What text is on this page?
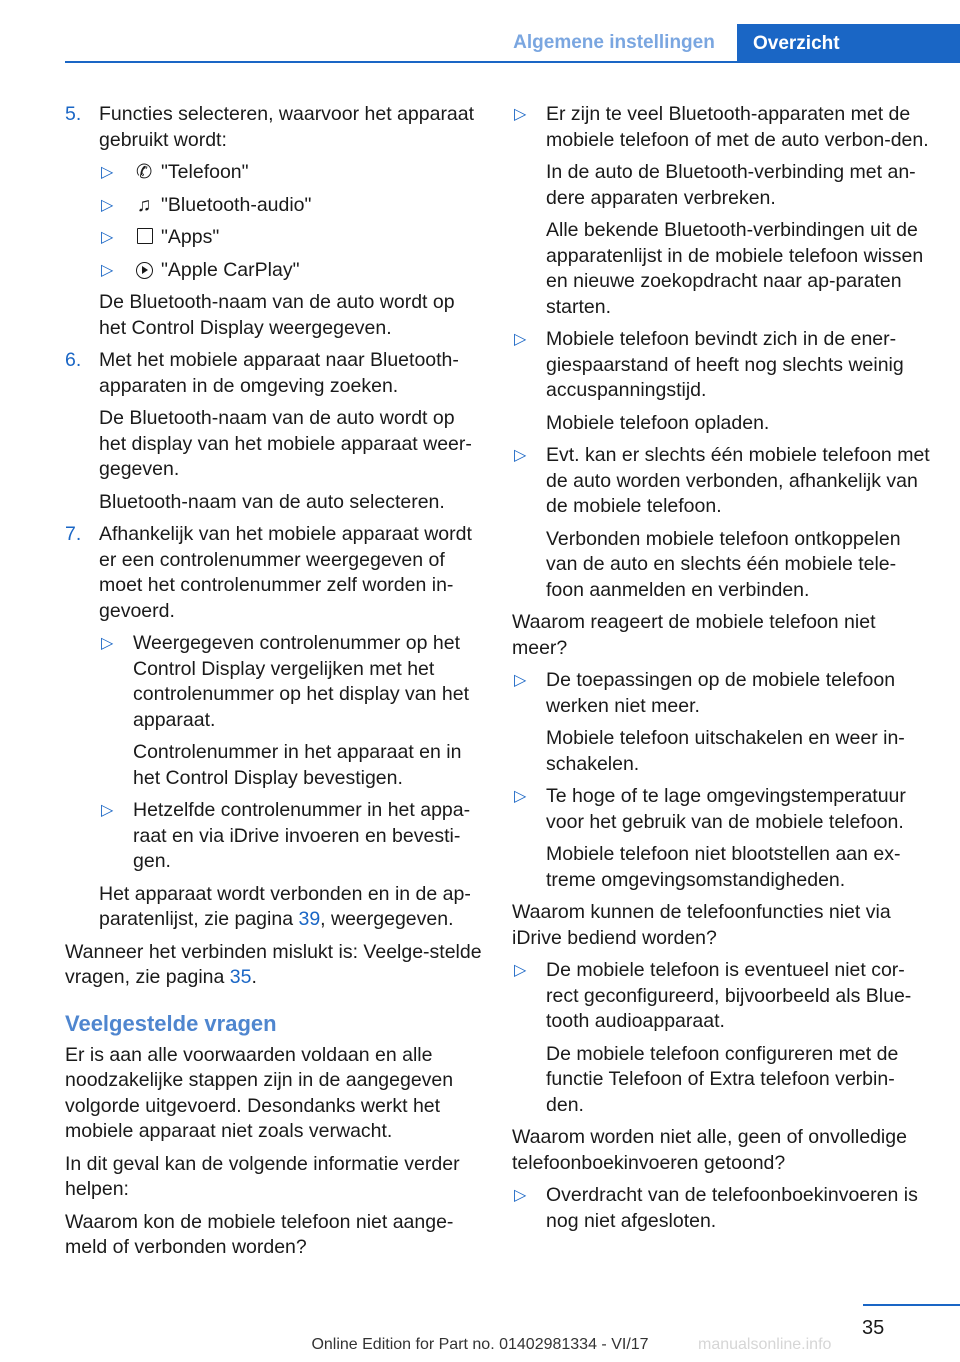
Algemene instellingen	Overzicht
5. Functies selecteren, waarvoor het apparaat gebruikt wordt:
▷ ✆ "Telefoon"
▷ ♫ "Bluetooth-audio"
▷ "Apps"
▷ "Apple CarPlay"
De Bluetooth-naam van de auto wordt op het Control Display weergegeven.
6. Met het mobiele apparaat naar Bluetooth-apparaten in de omgeving zoeken.
De Bluetooth-naam van de auto wordt op het display van het mobiele apparaat weer-gegeven.
Bluetooth-naam van de auto selecteren.
7. Afhankelijk van het mobiele apparaat wordt er een controlenummer weergegeven of moet het controlenummer zelf worden in-gevoerd.
▷ Weergegeven controlenummer op het Control Display vergelijken met het controlenummer op het display van het apparaat.
Controlenummer in het apparaat en in het Control Display bevestigen.
▷ Hetzelfde controlenummer in het appa-raat en via iDrive invoeren en bevesti-gen.
Het apparaat wordt verbonden en in de ap-paratenlijst, zie pagina 39, weergegeven.
Wanneer het verbinden mislukt is: Veelge-stelde vragen, zie pagina 35.
Veelgestelde vragen
Er is aan alle voorwaarden voldaan en alle noodzakelijke stappen zijn in de aangegeven volgorde uitgevoerd. Desondanks werkt het mobiele apparaat niet zoals verwacht.
In dit geval kan de volgende informatie verder helpen:
Waarom kon de mobiele telefoon niet aange-meld of verbonden worden?
▷ Er zijn te veel Bluetooth-apparaten met de mobiele telefoon of met de auto verbon-den.
In de auto de Bluetooth-verbinding met an-dere apparaten verbreken.
Alle bekende Bluetooth-verbindingen uit de apparatenlijst in de mobiele telefoon wissen en nieuwe zoekopdracht naar ap-paraten starten.
▷ Mobiele telefoon bevindt zich in de ener-giespaarstand of heeft nog slechts weinig accuspanningstijd.
Mobiele telefoon opladen.
▷ Evt. kan er slechts één mobiele telefoon met de auto worden verbonden, afhankelijk van de mobiele telefoon.
Verbonden mobiele telefoon ontkoppelen van de auto en slechts één mobiele tele-foon aanmelden en verbinden.
Waarom reageert de mobiele telefoon niet meer?
▷ De toepassingen op de mobiele telefoon werken niet meer.
Mobiele telefoon uitschakelen en weer in-schakelen.
▷ Te hoge of te lage omgevingstemperatuur voor het gebruik van de mobiele telefoon.
Mobiele telefoon niet blootstellen aan ex-treme omgevingsomstandigheden.
Waarom kunnen de telefoonfuncties niet via iDrive bediend worden?
▷ De mobiele telefoon is eventueel niet cor-rect geconfigureerd, bijvoorbeeld als Blue-tooth audioapparaat.
De mobiele telefoon configureren met de functie Telefoon of Extra telefoon verbin-den.
Waarom worden niet alle, geen of onvolledige telefoonboekinvoeren getoond?
▷ Overdracht van de telefoonboekinvoeren is nog niet afgesloten.
35
Online Edition for Part no. 01402981334 - VI/17	manualsonline.info
